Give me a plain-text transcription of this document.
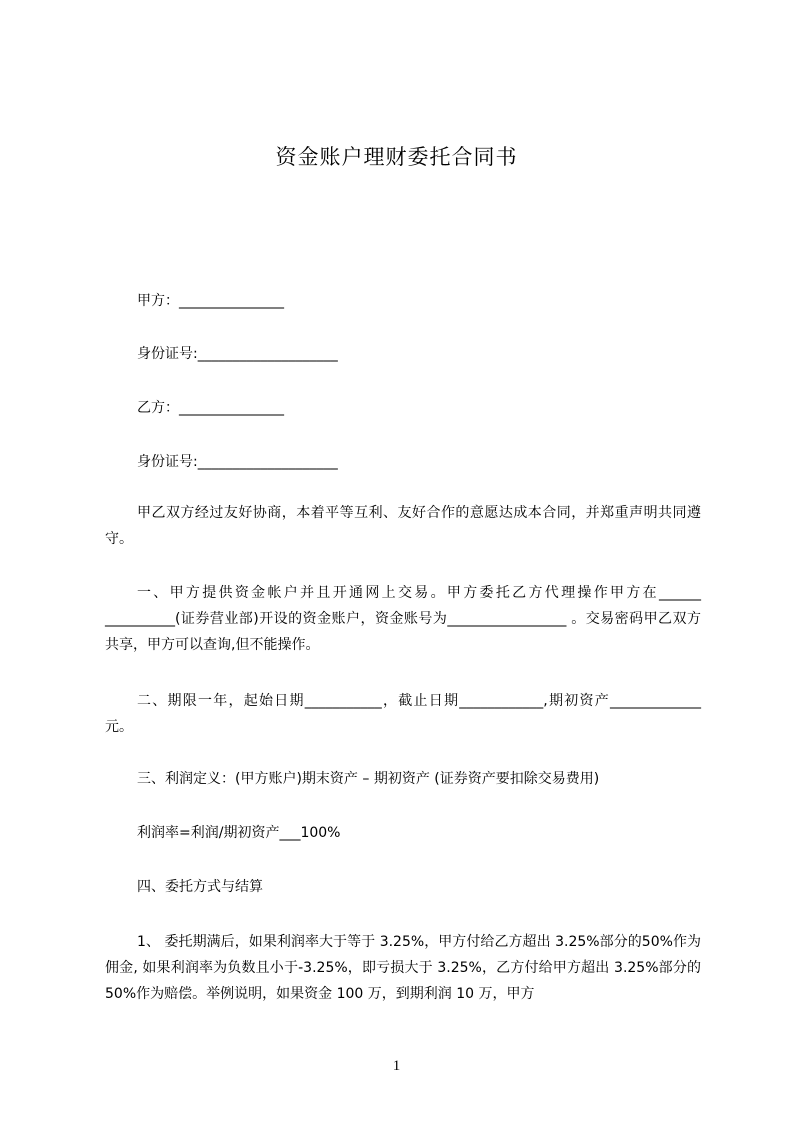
资金账户理财委托合同书
甲方：_______________
身份证号:____________________
乙方：_______________
身份证号:____________________
甲乙双方经过友好协商，本着平等互利、友好合作的意愿达成本合同，并郑重声明共同遵守。
一、甲方提供资金帐户并且开通网上交易。甲方委托乙方代理操作甲方在______ __________(证券营业部)开设的资金账户，资金账号为_________________ 。交易密码甲乙双方共享，甲方可以查询,但不能操作。
二、期限一年，起始日期___________，截止日期____________,期初资产_____________ 元。
三、利润定义：(甲方账户)期末资产 – 期初资产 (证券资产要扣除交易费用)
利润率=利润/期初资产___100%
四、委托方式与结算
1、 委托期满后，如果利润率大于等于 3.25%，甲方付给乙方超出 3.25%部分的50%作为佣金, 如果利润率为负数且小于-3.25%，即亏损大于 3.25%，乙方付给甲方超出 3.25%部分的 50%作为赔偿。举例说明，如果资金 100 万，到期利润 10 万，甲方
1
